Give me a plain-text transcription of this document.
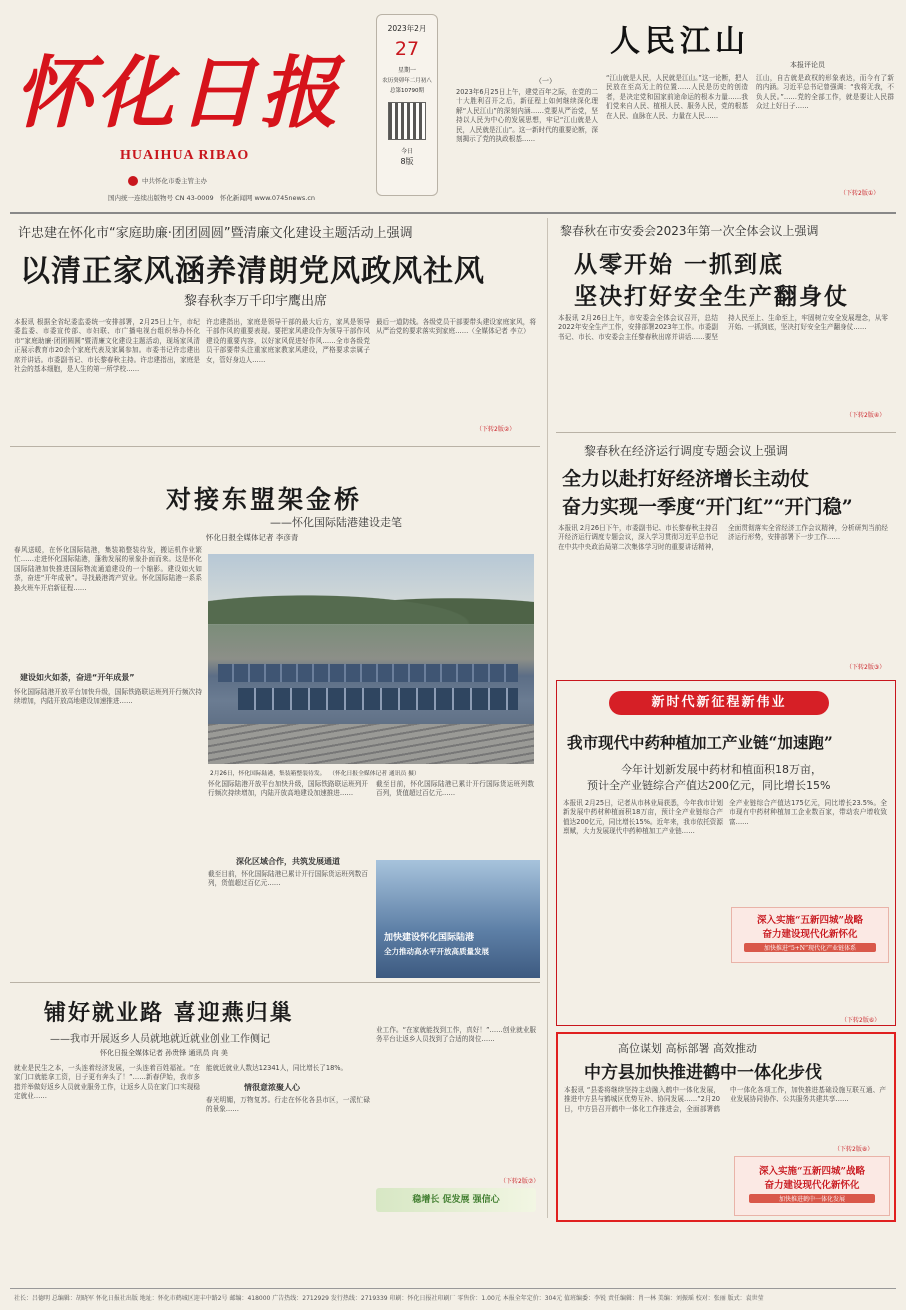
怀化日报
HUAIHUA RIBAO
中共怀化市委主管主办
国内统一连续出版物号 CN 43-0009 怀化新闻网 www.0745news.cn
2023年2月
27
星期一
农历癸卯年二月初八
总第10790期
今日
8版
人民江山
本报评论员
（一）
2023年6月25日上午，建党百年之际，在党的二十大胜利召开之后，新征程上如何继续深化理解“人民江山”的深刻内涵……党要从严治党，坚持以人民为中心的发展思想，牢记“江山就是人民，人民就是江山”。这一新时代的重要论断，深刻揭示了党的执政根基……
“江山就是人民，人民就是江山。”这一论断，把人民放在至高无上的位置……人民是历史的创造者，是决定党和国家前途命运的根本力量……我们党来自人民、植根人民、服务人民，党的根基在人民、血脉在人民、力量在人民……
江山，自古就是政权的形象表达，而今有了新的内涵。习近平总书记曾强调：“我将无我，不负人民。”……党的全部工作，就是要让人民群众过上好日子……
（下转2版①）
许忠建在怀化市“家庭助廉·团团圆圆”暨清廉文化建设主题活动上强调
以清正家风涵养清朗党风政风社风
黎春秋李万千印宇鹰出席
本报讯 根据全省纪委监委统一安排部署，2月25日上午，市纪委监委、市委宣传部、市妇联、市广播电视台组织举办怀化市“家庭助廉·团团圆圆”暨清廉文化建设主题活动，现场家风清正展示教育市20余个家庭代表及家属参加。市委书记许忠建出席并讲话。市委副书记、市长黎春秋主持。许忠建指出，家庭是社会的基本细胞，是人生的第一所学校……
许忠建指出，家庭是领导干部的最大后方，家风是领导干部作风的重要表现。要把家风建设作为领导干部作风建设的重要内容，以好家风促进好作风……全市各级党员干部要带头注重家庭家教家风建设，严格要求亲属子女，管好身边人……
最后一道防线。各级党员干部要带头建设家庭家风，将从严治党的要求落实到家庭……（全媒体记者 李立）
（下转2版②）
黎春秋在市安委会2023年第一次全体会议上强调
从零开始 一抓到底
坚决打好安全生产翻身仗
本报讯 2月26日上午，市安委会全体会议召开，总结2022年安全生产工作，安排部署2023年工作。市委副书记、市长、市安委会主任黎春秋出席并讲话……要坚持人民至上、生命至上，牢固树立安全发展理念，从零开始、一抓到底，坚决打好安全生产翻身仗……
（下转2版④）
黎春秋在经济运行调度专题会议上强调
全力以赴打好经济增长主动仗
奋力实现一季度“开门红”“开门稳”
本报讯 2月26日下午，市委副书记、市长黎春秋主持召开经济运行调度专题会议，深入学习贯彻习近平总书记在中共中央政治局第二次集体学习时的重要讲话精神，全面贯彻落实全省经济工作会议精神，分析研判当前经济运行形势，安排部署下一步工作……
（下转2版③）
对接东盟架金桥
——怀化国际陆港建设走笔
怀化日报全媒体记者 李彦青
春风送暖，在怀化国际陆港，集装箱整装待发，搬运机作业繁忙……走进怀化国际陆港，蓬勃发展的景象扑面而来。这是怀化国际陆港加快推进国际物流通道建设的一个缩影。建设如火如荼，奋进“开年成景”。寻找最港湾产贸业。怀化国际陆港一系系换火班车开启新征程……
建设如火如荼，奋进“开年成景”
怀化国际陆港开放平台加快升级，国际铁路联运班列开行频次持续增加，内陆开放高地建设加速推进……
2月26日，怀化国际陆港，集装箱整装待发。 （怀化日报全媒体记者 通讯员 摄）
怀化国际陆港开放平台加快升级，国际铁路联运班列开行频次持续增加，内陆开放高地建设加速推进……
截至目前，怀化国际陆港已累计开行国际货运班列数百列，货值超过百亿元……
深化区域合作，共筑发展通道
截至目前，怀化国际陆港已累计开行国际货运班列数百列，货值超过百亿元……
加快建设怀化国际陆港
全力推动高水平开放高质量发展
新时代新征程新伟业
我市现代中药种植加工产业链“加速跑”
今年计划新发展中药材和植面积18万亩，
预计全产业链综合产值达200亿元，同比增长15%
本报讯 2月25日，记者从市林业局获悉，今年我市计划新发展中药材种植面积18万亩，预计全产业链综合产值达200亿元，同比增长15%。近年来，我市依托资源禀赋，大力发展现代中药种植加工产业链……
全产业链综合产值达175亿元，同比增长23.5%。全市现有中药材种植加工企业数百家，带动农户增收致富……
深入实施“五新四城”战略
奋力建设现代化新怀化
加快推进“5+N”现代化产业链体系
（下转2版⑥）
铺好就业路 喜迎燕归巢
——我市开展返乡人员就地就近就业创业工作侧记
怀化日报全媒体记者 孙贵锋 通讯员 向 美
就业是民生之本，一头连着经济发展，一头连着百姓福祉。“在家门口就能拿工资，日子更有奔头了！”……新春伊始，我市多措并举做好返乡人员就业服务工作，让返乡人员在家门口实现稳定就业……
能就近就业人数达12341人，同比增长了18%。
情很意浓聚人心
春光明媚，万物复苏。行走在怀化各县市区，一派忙碌的景象……
业工作。“在家就能找到工作，真好！”……创业就业服务平台让返乡人员找到了合适的岗位……
（下转2版⑦）
稳增长 促发展 强信心
高位谋划 高标部署 高效推动
中方县加快推进鹤中一体化步伐
本报讯 “县委将继续坚持主动融入鹤中一体化发展，推进中方县与鹤城区优势互补、协同发展……”2月20日，中方县召开鹤中一体化工作推进会，全面部署鹤中一体化各项工作，加快推进基础设施互联互通、产业发展协同协作、公共服务共建共享……
深入实施“五新四城”战略
奋力建设现代化新怀化
加快推进鹤中一体化发展
（下转2版⑧）
社长：吕德明 总编辑：胡晓军 怀化日报社出版 地址：怀化市鹤城区迎丰中路2号 邮编：418000 广告热线：2712929 发行热线：2719339 印刷：怀化日报社印刷厂 零售价：1.00元 本报全年定价：304元 值班编委：李锐 责任编辑：肖一林 美编：刘振瑶 校对：张丽 版式：袁世莹
